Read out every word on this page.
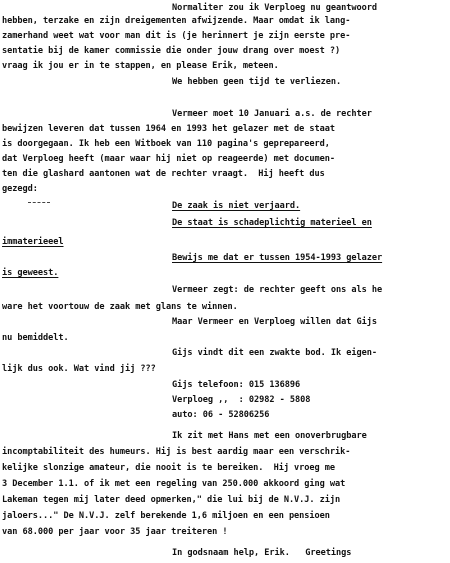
Normaliter zou ik Verploeg nu geantwoord

hebben, terzake en zijn dreigementen afwijzende. Maar omdat ik lang-

zamerhand weet wat voor man dit is (je herinnert je zijn eerste pre-

sentatie bij de kamer commissie die onder jouw drang over moest ?)

vraag ik jou er in te stappen, en please Erik, meteen.

We hebben geen tijd te verliezen.

Vermeer moet 10 Januari a.s. de rechter

bewijzen leveren dat tussen 1964 en 1993 het gelazer met de staat

is doorgegaan. Ik heb een Witboek van 110 pagina's geprepareerd,

dat Verploeg heeft (maar waar hij niet op reageerde) met documen-

ten die glashard aantonen wat de rechter vraagt.  Hij heeft dus

gezegd:

De zaak is niet verjaard.

De staat is schadeplichtig materieel en

immaterieeel

Bewijs me dat er tussen 1954-1993 gelazer

is geweest.

Vermeer zegt: de rechter geeft ons als he

ware het voortouw de zaak met glans te winnen.

Maar Vermeer en Verploeg willen dat Gijs

nu bemiddelt.

Gijs vindt dit een zwakte bod. Ik eigen-

lijk dus ook. Wat vind jij ???

Gijs telefoon: 015 136896

Verploeg ,,  : 02982 - 5808

auto: 06 - 52806256

Ik zit met Hans met een onoverbrugbare

incomptabiliteit des humeurs. Hij is best aardig maar een verschrik-

kelijke slonzige amateur, die nooit is te bereiken.  Hij vroeg me

3 December 1.1. of ik met een regeling van 250.000 akkoord ging wat

Lakeman tegen mij later deed opmerken," die lui bij de N.V.J. zijn

jaloers..." De N.V.J. zelf berekende 1,6 miljoen en een pensioen

van 68.000 per jaar voor 35 jaar treiteren !

In godsnaam help, Erik.   Greetings
